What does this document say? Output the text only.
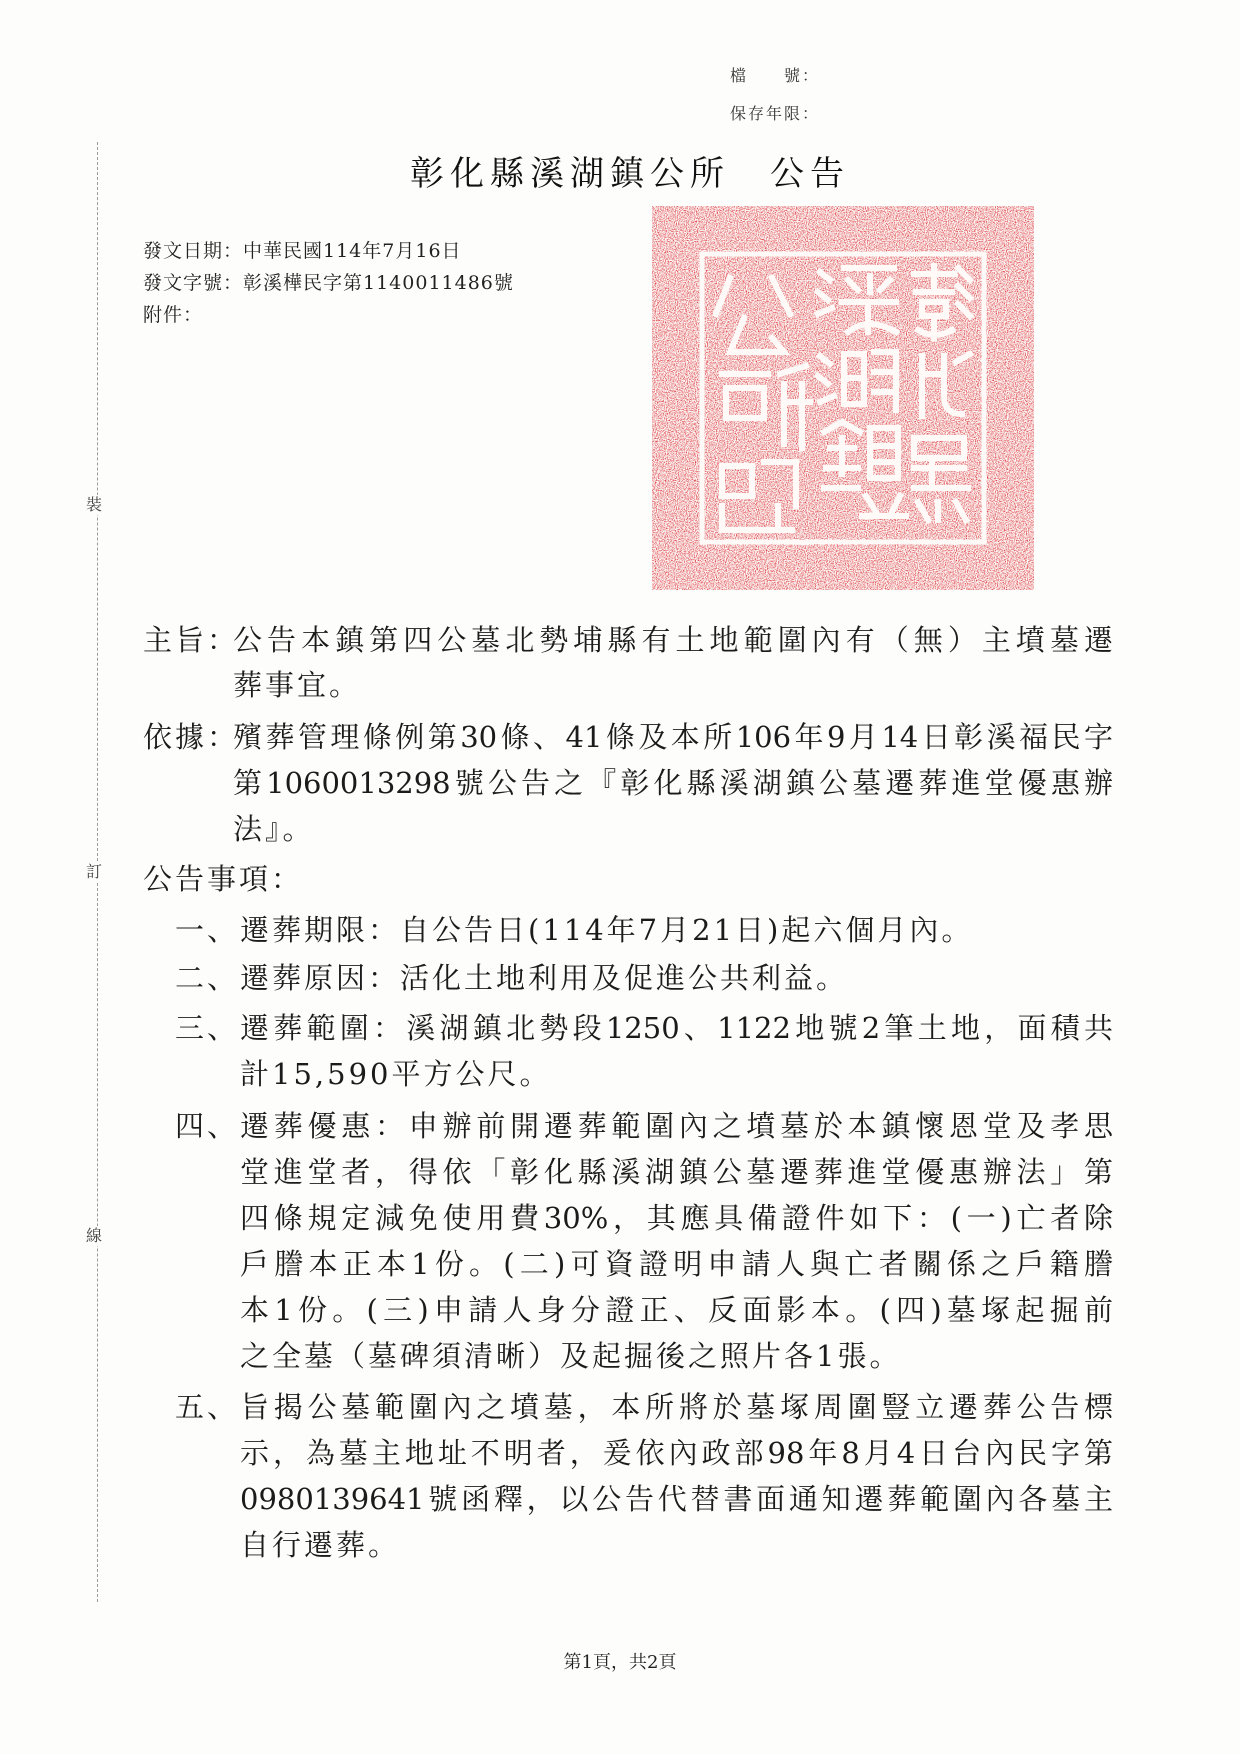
裝
訂
線
檔　　號：
保存年限：
彰化縣溪湖鎮公所 公告
發文日期：中華民國114年7月16日
發文字號：彰溪樺民字第1140011486號
附件：
主旨：
公告本鎮第四公墓北勢埔縣有土地範圍內有（無）主墳墓遷
葬事宜。
依據：
殯葬管理條例第30條、41條及本所106年9月14日彰溪福民字
第1060013298號公告之『彰化縣溪湖鎮公墓遷葬進堂優惠辦
法』。
公告事項：
一、 遷葬期限：自公告日(114年7月21日)起六個月內。
二、 遷葬原因：活化土地利用及促進公共利益。
三、 遷葬範圍：溪湖鎮北勢段1250、1122地號2筆土地，面積共
計15,590平方公尺。
四、 遷葬優惠：申辦前開遷葬範圍內之墳墓於本鎮懷恩堂及孝思
堂進堂者，得依「彰化縣溪湖鎮公墓遷葬進堂優惠辦法」第
四條規定減免使用費30%，其應具備證件如下：(一)亡者除
戶謄本正本1份。(二)可資證明申請人與亡者關係之戶籍謄
本1份。(三)申請人身分證正、反面影本。(四)墓塚起掘前
之全墓（墓碑須清晰）及起掘後之照片各1張。
五、 旨揭公墓範圍內之墳墓，本所將於墓塚周圍豎立遷葬公告標
示，為墓主地址不明者，爰依內政部98年8月4日台內民字第
0980139641號函釋，以公告代替書面通知遷葬範圍內各墓主
自行遷葬。
第1頁，共2頁
